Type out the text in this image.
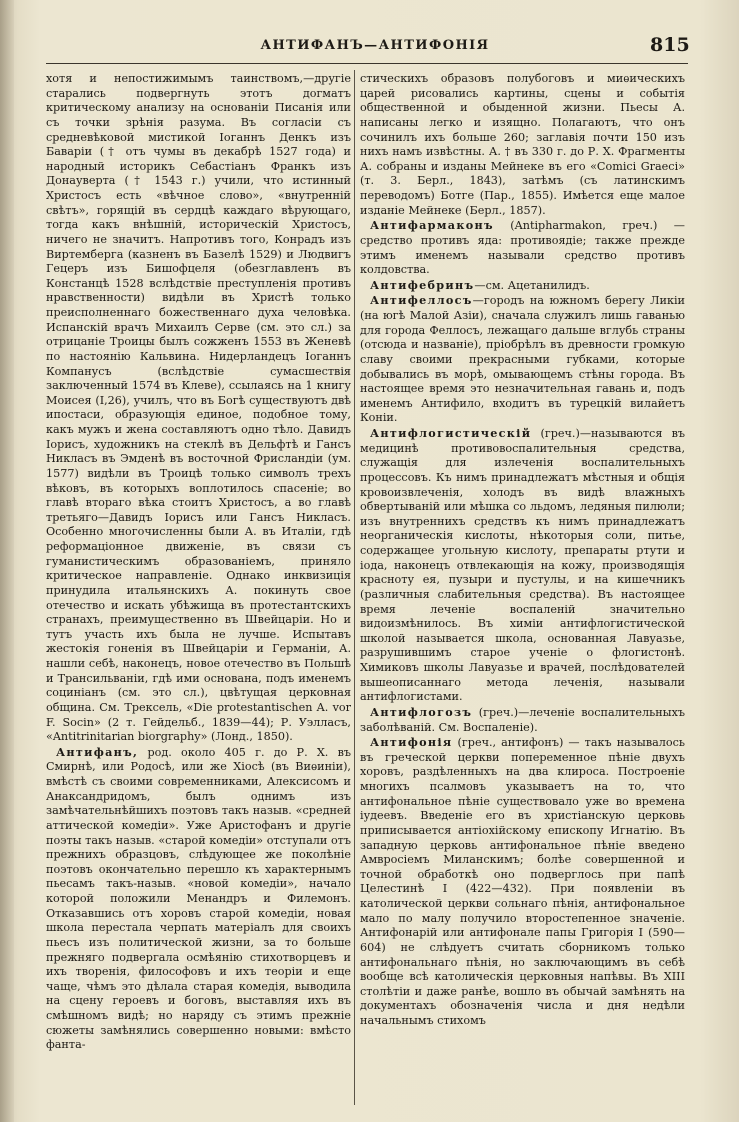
АНТИФАНЪ—АНТИФОНІЯ	815

хотя и непостижимымъ таинствомъ,—другіе старались подвергнуть этотъ догматъ критическому анализу на основаніи Писанія или съ точки зрѣнія разума. Въ согласіи съ средневѣковой мистикой Іоганнъ Денкъ изъ Баваріи († отъ чумы въ декабрѣ 1527 года) и народный историкъ Себастіанъ Франкъ изъ Донауверта († 1543 г.) учили, что истинный Христосъ есть «вѣчное слово», «внутренній свѣтъ», горящій въ сердцѣ каждаго вѣрующаго, тогда какъ внѣшній, историческій Христосъ, ничего не значитъ. Напротивъ того, Конрадъ изъ Виртемберга (казненъ въ Базелѣ 1529) и Людвигъ Гецеръ изъ Бишофцеля (обезглавленъ въ Констанцѣ 1528 вслѣдствіе преступленія противъ нравственности) видѣли въ Христѣ только преисполненнаго божественнаго духа человѣка. Испанскій врачъ Михаилъ Серве (см. это сл.) за отрицаніе Троицы былъ сожженъ 1553 въ Женевѣ по настоянію Кальвина. Нидерландецъ Іоганнъ Компанусъ (вслѣдствіе сумасшествія заключенный 1574 въ Клеве), ссылаясь на 1 книгу Моисея (I,26), училъ, что въ Богѣ существуютъ двѣ ипостаси, образующія единое, подобное тому, какъ мужъ и жена составляютъ одно тѣло. Давидъ Іорисъ, художникъ на стеклѣ въ Дельфтѣ и Гансъ Никласъ въ Эмденѣ въ восточной Фрисландіи (ум. 1577) видѣли въ Троицѣ только символъ трехъ вѣковъ, въ которыхъ воплотилось спасеніе; во главѣ втораго вѣка стоитъ Христосъ, а во главѣ третьяго—Давидъ Іорисъ или Гансъ Никласъ. Особенно многочисленны были А. въ Италіи, гдѣ реформаціонное движеніе, въ связи съ гуманистическимъ образованіемъ, приняло критическое направленіе. Однако инквизиція принудила итальянскихъ А. покинуть свое отечество и искать убѣжища въ протестантскихъ странахъ, преимущественно въ Швейцаріи. Но и тутъ участь ихъ была не лучше. Испытавъ жестокія гоненія въ Швейцаріи и Германіи, А. нашли себѣ, наконецъ, новое отечество въ Польшѣ и Трансильваніи, гдѣ ими основана, подъ именемъ социніанъ (см. это сл.), цвѣтущая церковная община. См. Трексель, «Die protestantischen A. vor F. Socin» (2 т. Гейдельб., 1839—44); Р. Уэлласъ, «Antitrinitarian biorgraphy» (Лонд., 1850).

Антифанъ, род. около 405 г. до Р. Х. въ Смирнѣ, или Родосѣ, или же Хіосѣ (въ Виѳиніи), вмѣстѣ съ своими современниками, Алексисомъ и Анаксандридомъ, былъ однимъ изъ замѣчательнѣйшихъ поэтовъ такъ назыв. «средней аттической комедіи». Уже Аристофанъ и другіе поэты такъ назыв. «старой комедіи» отступали отъ прежнихъ образцовъ, слѣдующее же поколѣніе поэтовъ окончательно перешло къ характернымъ пьесамъ такъ-назыв. «новой комедіи», начало которой положили Менандръ и Филемонъ. Отказавшись отъ хоровъ старой комедіи, новая школа перестала черпать матеріалъ для своихъ пьесъ изъ политической жизни, за то больше прежняго подвергала осмѣянію стихотворцевъ и ихъ творенія, философовъ и ихъ теоріи и еще чаще, чѣмъ это дѣлала старая комедія, выводила на сцену героевъ и боговъ, выставляя ихъ въ смѣшномъ видѣ; но наряду съ этимъ прежніе сюжеты замѣнялись совершенно новыми: вмѣсто фанта-

стическихъ образовъ полубоговъ и миѳическихъ царей рисовались картины, сцены и событія общественной и обыденной жизни. Пьесы А. написаны легко и изящно. Полагаютъ, что онъ сочинилъ ихъ больше 260; заглавія почти 150 изъ нихъ намъ извѣстны. А. † въ 330 г. до Р. Х. Фрагменты А. собраны и изданы Мейнеке въ его «Comici Graeci» (т. 3. Берл., 1843), затѣмъ (съ латинскимъ переводомъ) Ботге (Пар., 1855). Имѣется еще малое изданіе Мейнеке (Берл., 1857).

Антифармаконъ (Antipharmakon, греч.) — средство противъ яда: противоядіе; также прежде этимъ именемъ называли средство противъ колдовства.

Антифебринъ—см. Ацетанилидъ.

Антифеллосъ—городъ на южномъ берегу Ликіи (на югѣ Малой Азіи), сначала служилъ лишь гаванью для города Феллосъ, лежащаго дальше вглубь страны (отсюда и названіе), пріобрѣлъ въ древности громкую славу своими прекрасными губками, которые добывались въ морѣ, омывающемъ стѣны города. Въ настоящее время это незначительная гавань и, подъ именемъ Антифило, входитъ въ турецкій вилайетъ Коніи.

Антифлогистическій (греч.)—называются въ медицинѣ противовоспалительныя средства, служащія для излеченія воспалительныхъ процессовъ. Къ нимъ принадлежатъ мѣстныя и общія кровоизвлеченія, холодъ въ видѣ влажныхъ обвертываній или мѣшка со льдомъ, ледяныя пилюли; изъ внутреннихъ средствъ къ нимъ принадлежатъ неорганическія кислоты, нѣкоторыя соли, питье, содержащее угольную кислоту, препараты ртути и іода, наконецъ отвлекающія на кожу, производящія краснoту ея, пузыри и пустулы, и на кишечникъ (различныя слабительныя средства). Въ настоящее время леченіе воспаленій значительно видоизмѣнилось. Въ химіи антифлогистической школой называется школа, основанная Лавуазье, разрушившимъ старое ученіе о флогистонѣ. Химиковъ школы Лавуазье и врачей, послѣдователей вышеописаннаго метода леченія, называли антифлогистами.

Антифлогозъ (греч.)—леченіе воспалительныхъ заболѣваній. См. Воспаленіе).

Антифонія (греч., антифонъ) — такъ называлось въ греческой церкви попеременное пѣніе двухъ хоровъ, раздѣленныхъ на два клироса. Построеніе многихъ псалмовъ указываетъ на то, что антифональное пѣніе существовало уже во времена іудеевъ. Введеніе его въ христіанскую церковь приписывается антіохійскому епископу Игнатію. Въ западную церковь антифональное пѣніе введено Амвросіемъ Миланскимъ; болѣе совершенной и точной обработкѣ оно подверглось при папѣ Целестинѣ I (422—432). При появленіи въ католической церкви сольнаго пѣнія, антифональное мало по малу получило второстепенное значеніе. Антифонарій или антифонале папы Григорія I (590—604) не слѣдуетъ считать сборникомъ только антифональнаго пѣнія, но заключающимъ въ себѣ вообще всѣ католическія церковныя напѣвы. Въ XIII столѣтіи и даже ранѣе, вошло въ обычай замѣнять на документахъ обозначенія числа и дня недѣли начальнымъ стихомъ
